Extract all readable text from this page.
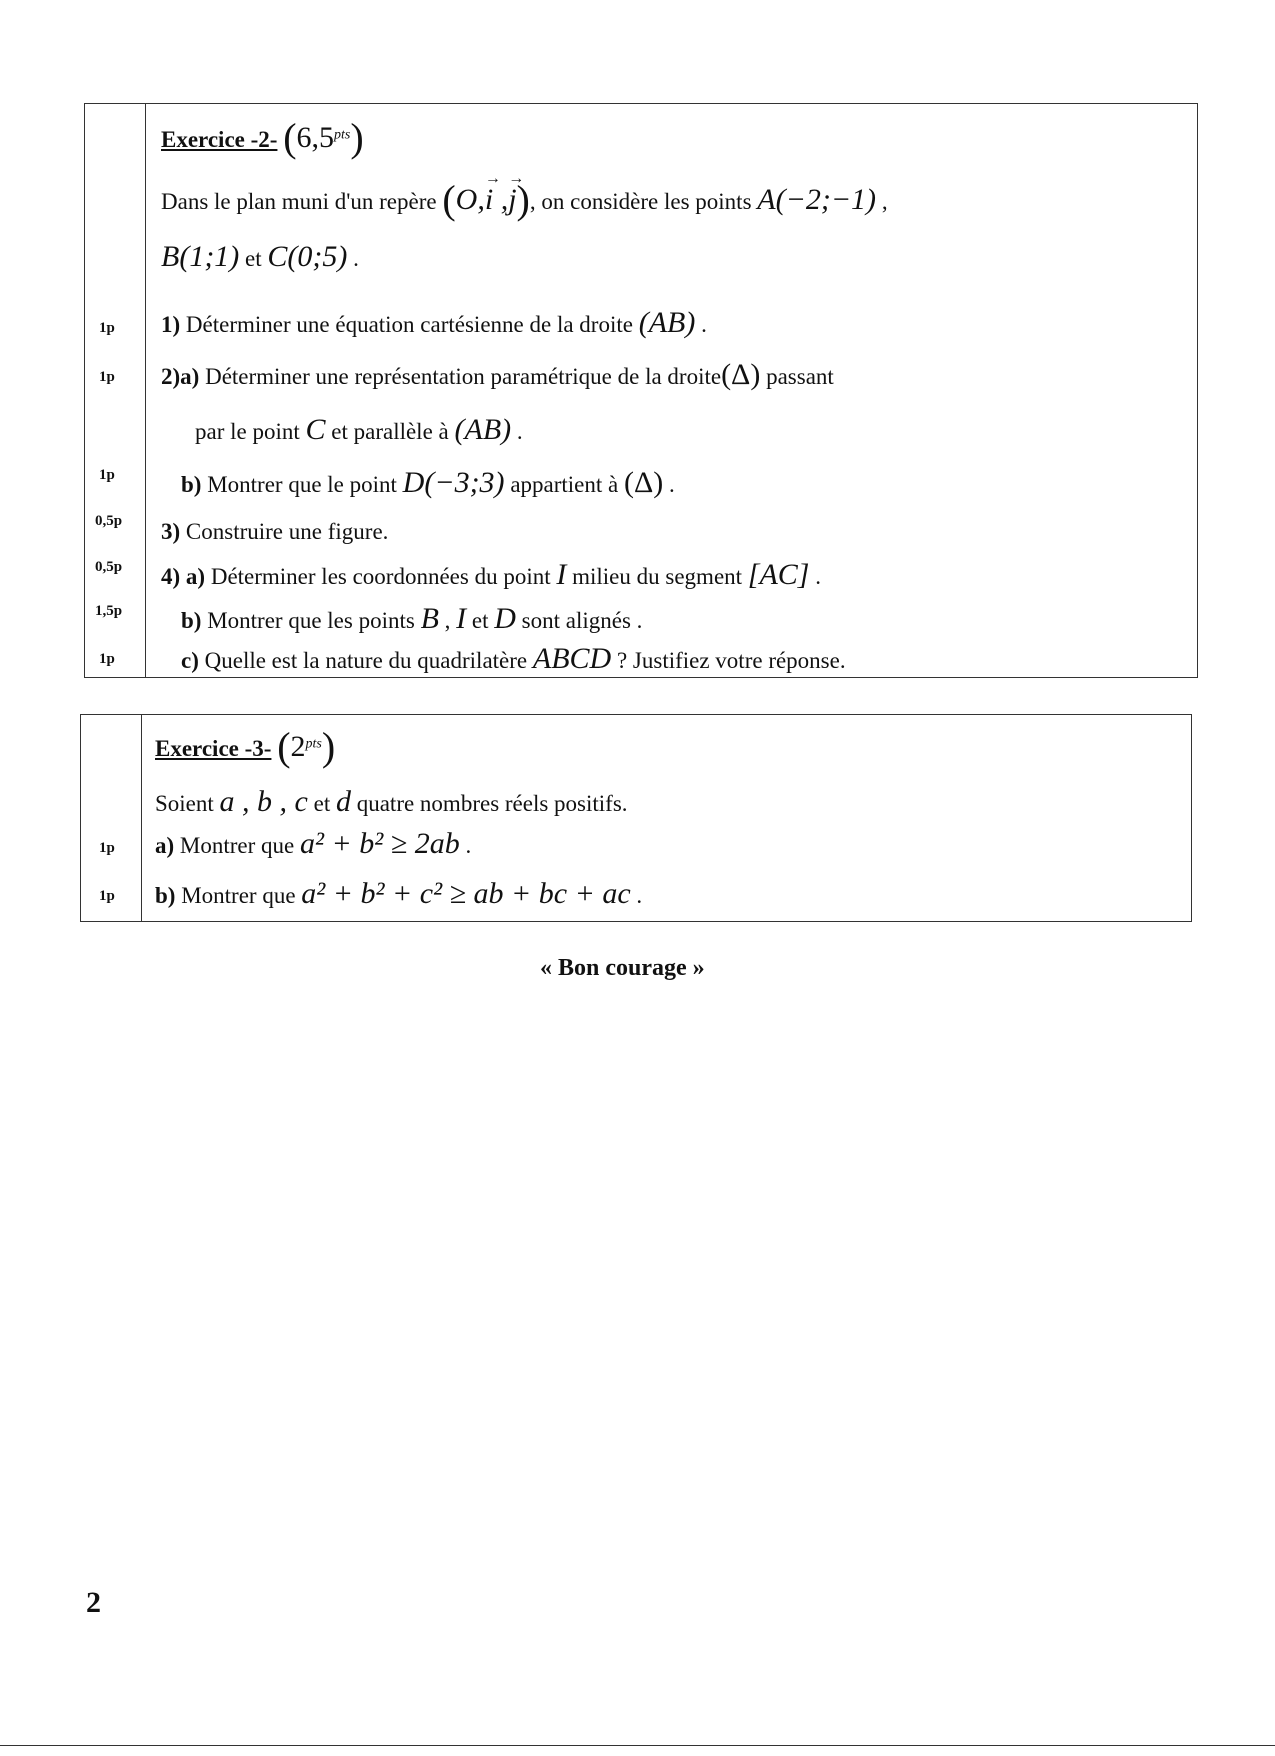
Exercice -2- $(6,5^{pts})$
Dans le plan muni d'un repère (O,→ i ,→ j), on considère les points A(−2;−1) ,
B(1;1) et C(0;5) .
1p 1) Déterminer une équation cartésienne de la droite (AB) .
1p 2)a) Déterminer une représentation paramétrique de la droite(Δ) passant
par le point C et parallèle à (AB) .
1p	b) Montrer que le point D(−3;3) appartient à (Δ) .
0,5p 3) Construire une figure.
0,5p 4) a) Déterminer les coordonnées du point I milieu du segment [AC] .
1,5p	b) Montrer que les points B , I et D sont alignés .
1p	c) Quelle est la nature du quadrilatère ABCD ? Justifiez votre réponse.
Exercice -3- $(2^{pts})$
Soient a , b , c et d quatre nombres réels positifs.
1p a) Montrer que a² + b² ≥ 2ab .
1p b) Montrer que a² + b² + c² ≥ ab + bc + ac .
« Bon courage »
2
